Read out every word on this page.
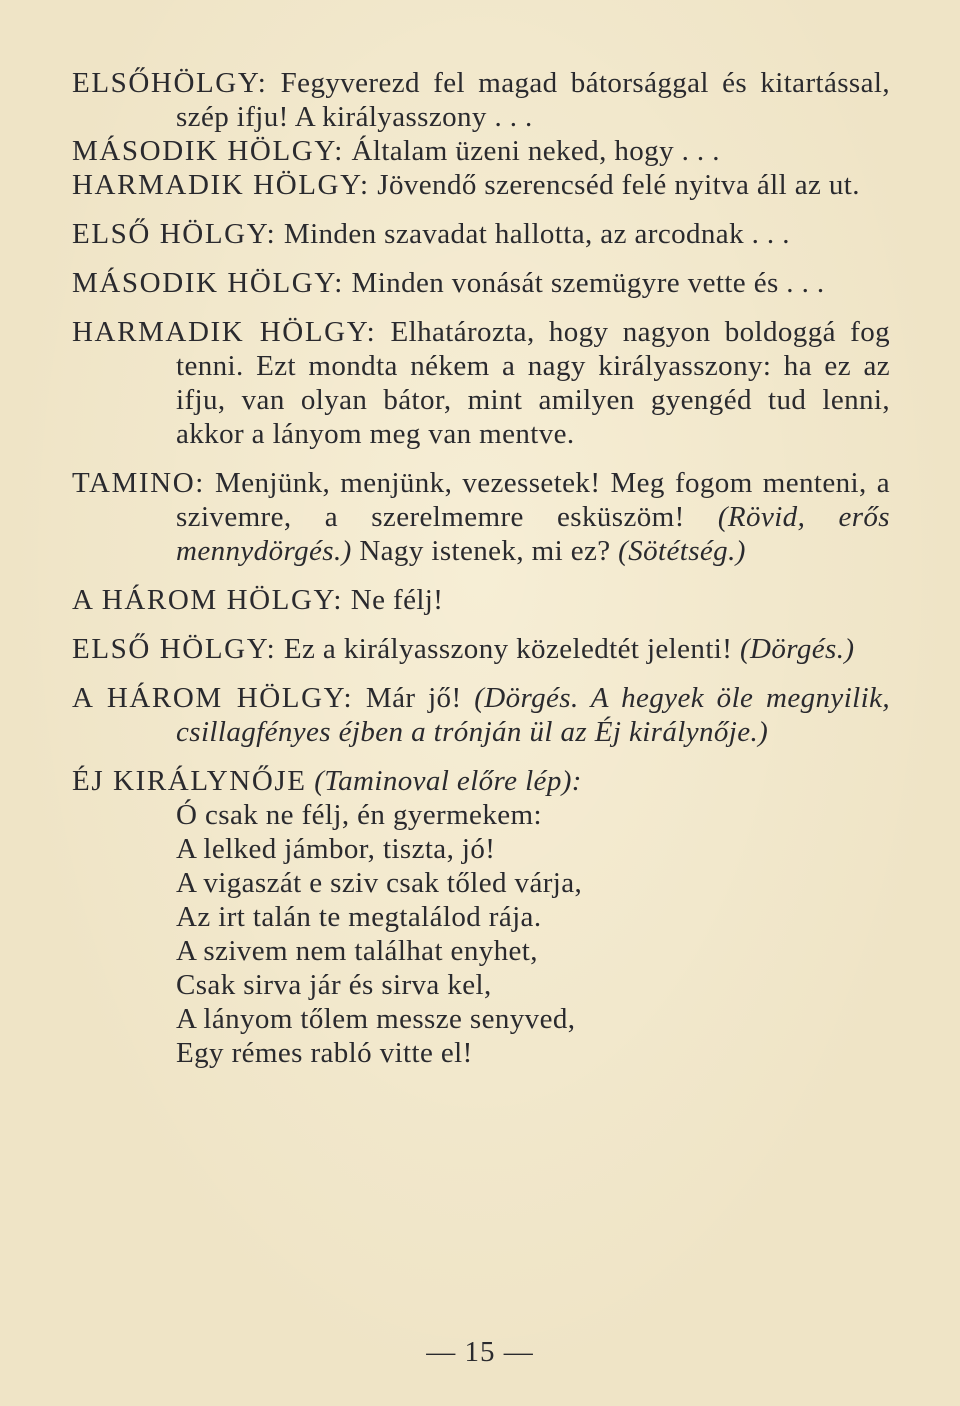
ELSŐHÖLGY: Fegyverezd fel magad bátorsággal és kitartással, szép ifju! A királyasszony . . .

MÁSODIK HÖLGY: Általam üzeni neked, hogy . . .

HARMADIK HÖLGY: Jövendő szerencséd felé nyitva áll az ut.

ELSŐ HÖLGY: Minden szavadat hallotta, az arcodnak . . .

MÁSODIK HÖLGY: Minden vonását szemügyre vette és . . .

HARMADIK HÖLGY: Elhatározta, hogy nagyon boldoggá fog tenni. Ezt mondta nékem a nagy királyasszony: ha ez az ifju, van olyan bátor, mint amilyen gyengéd tud lenni, akkor a lányom meg van mentve.

TAMINO: Menjünk, menjünk, vezessetek! Meg fogom menteni, a szivemre, a szerelmemre esküszöm! (Rövid, erős mennydörgés.) Nagy istenek, mi ez? (Sötétség.)

A HÁROM HÖLGY: Ne félj!

ELSŐ HÖLGY: Ez a királyasszony közeledtét jelenti! (Dörgés.)

A HÁROM HÖLGY: Már jő! (Dörgés. A hegyek öle megnyilik, csillagfényes éjben a trónján ül az Éj királynője.)

ÉJ KIRÁLYNŐJE (Taminoval előre lép):

Ó csak ne félj, én gyermekem:
A lelked jámbor, tiszta, jó!
A vigaszát e sziv csak tőled várja,
Az irt talán te megtalálod rája.
A szivem nem találhat enyhet,
Csak sirva jár és sirva kel,
A lányom tőlem messze senyved,
Egy rémes rabló vitte el!
— 15 —
